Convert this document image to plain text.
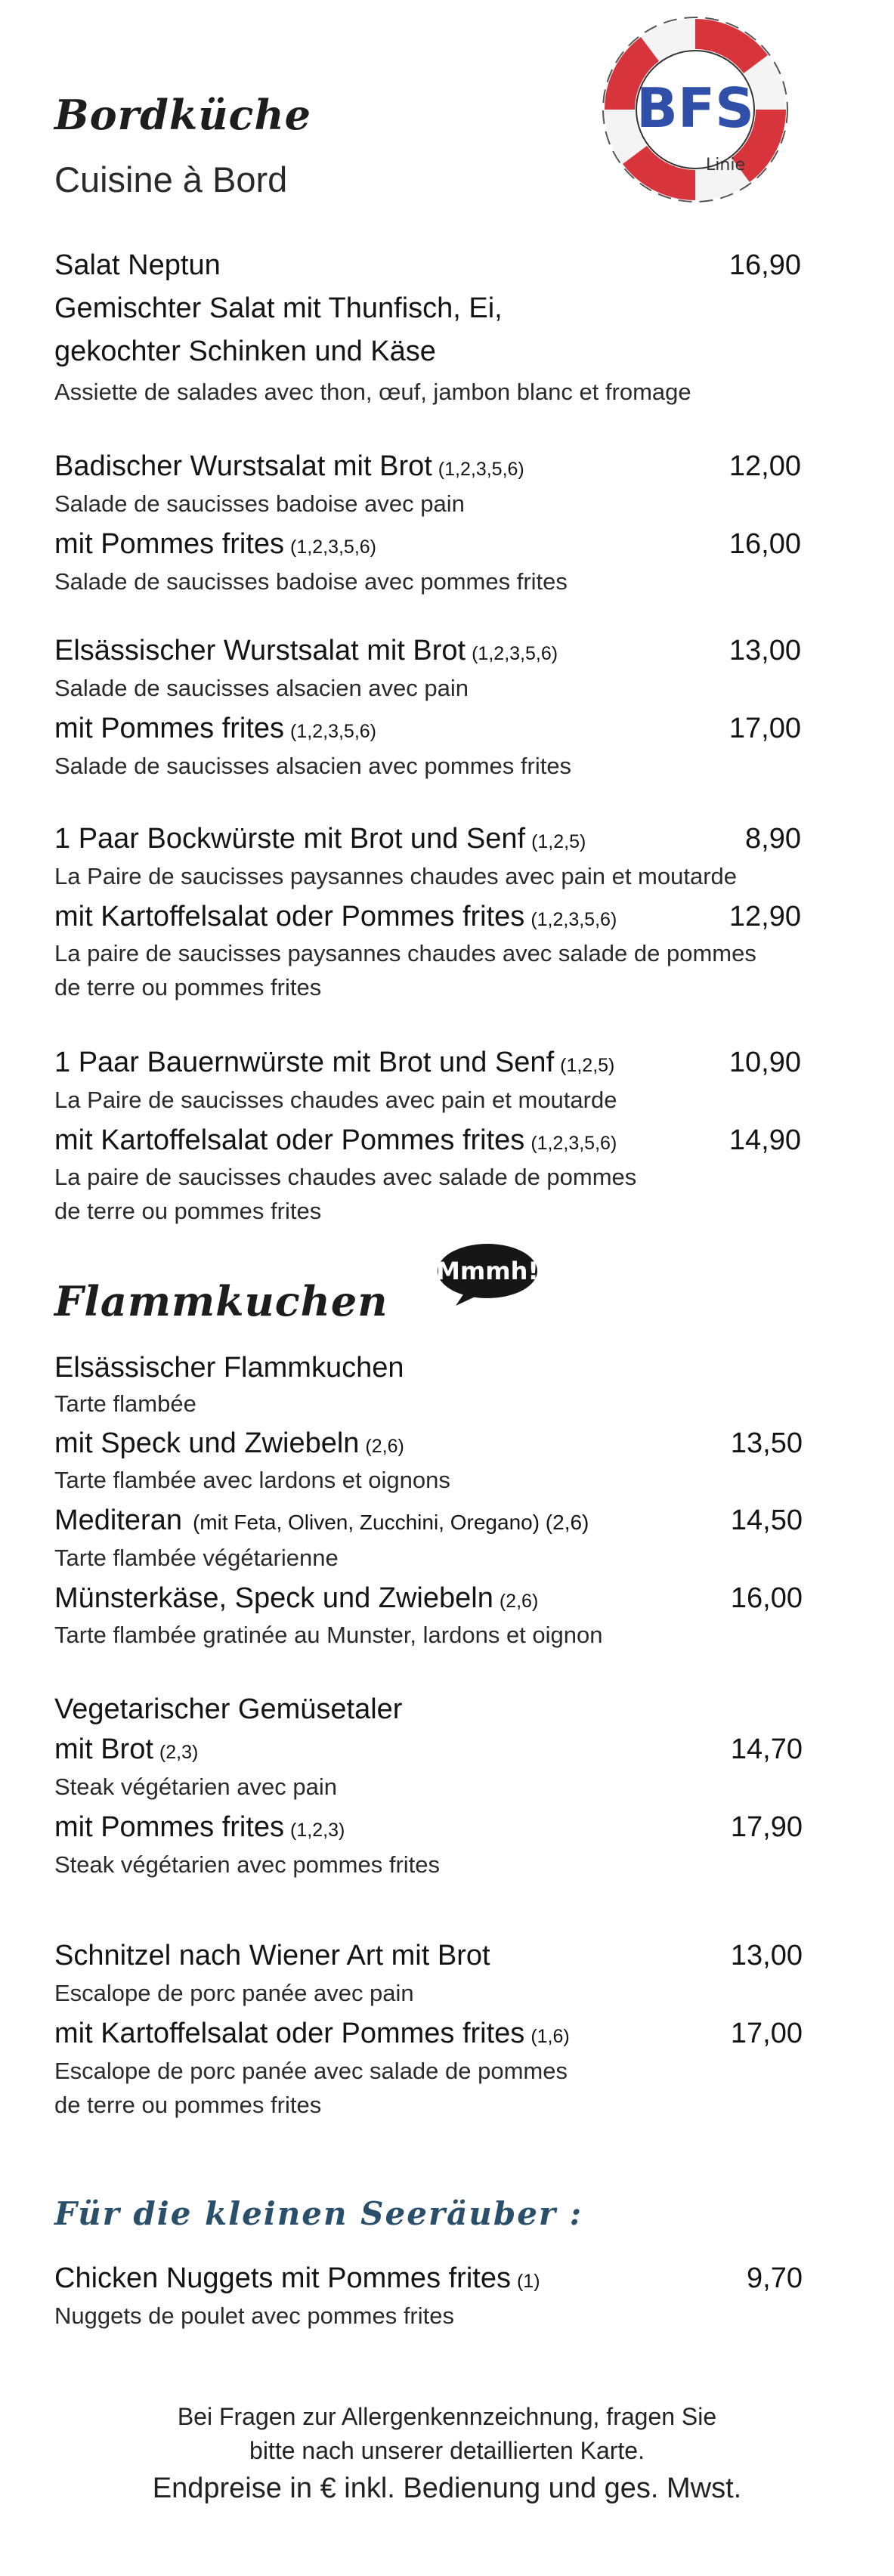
BFS
Linie
Bordküche
Cuisine à Bord
Salat Neptun	16,90
Gemischter Salat mit Thunfisch, Ei,
gekochter Schinken und Käse
Assiette de salades avec thon, œuf, jambon blanc et fromage
Badischer Wurstsalat mit Brot (1,2,3,5,6)	12,00
Salade de saucisses badoise avec pain
mit Pommes frites (1,2,3,5,6)	16,00
Salade de saucisses badoise avec pommes frites
Elsässischer Wurstsalat mit Brot (1,2,3,5,6)	13,00
Salade de saucisses alsacien avec pain
mit Pommes frites (1,2,3,5,6)	17,00
Salade de saucisses alsacien avec pommes frites
1 Paar Bockwürste mit Brot und Senf (1,2,5)	8,90
La Paire de saucisses paysannes chaudes avec pain et moutarde
mit Kartoffelsalat oder Pommes frites (1,2,3,5,6)	12,90
La paire de saucisses paysannes chaudes avec salade de pommes
de terre ou pommes frites
1 Paar Bauernwürste mit Brot und Senf (1,2,5)	10,90
La Paire de saucisses chaudes avec pain et moutarde
mit Kartoffelsalat oder Pommes frites (1,2,3,5,6)	14,90
La paire de saucisses chaudes avec salade de pommes
de terre ou pommes frites
Flammkuchen
Mmmh!
Elsässischer Flammkuchen
Tarte flambée
mit Speck und Zwiebeln (2,6)	13,50
Tarte flambée avec lardons et oignons
Mediteran (mit Feta, Oliven, Zucchini, Oregano) (2,6)	14,50
Tarte flambée végétarienne
Münsterkäse, Speck und Zwiebeln (2,6)	16,00
Tarte flambée gratinée au Munster, lardons et oignon
Vegetarischer Gemüsetaler
mit Brot (2,3)	14,70
Steak végétarien avec pain
mit Pommes frites (1,2,3)	17,90
Steak végétarien avec pommes frites
Schnitzel nach Wiener Art mit Brot	13,00
Escalope de porc panée avec pain
mit Kartoffelsalat oder Pommes frites (1,6)	17,00
Escalope de porc panée avec salade de pommes
de terre ou pommes frites
Für die kleinen Seeräuber :
Chicken Nuggets mit Pommes frites (1)	9,70
Nuggets de poulet avec pommes frites
Bei Fragen zur Allergenkennzeichnung, fragen Sie
bitte nach unserer detaillierten Karte.
Endpreise in € inkl. Bedienung und ges. Mwst.
